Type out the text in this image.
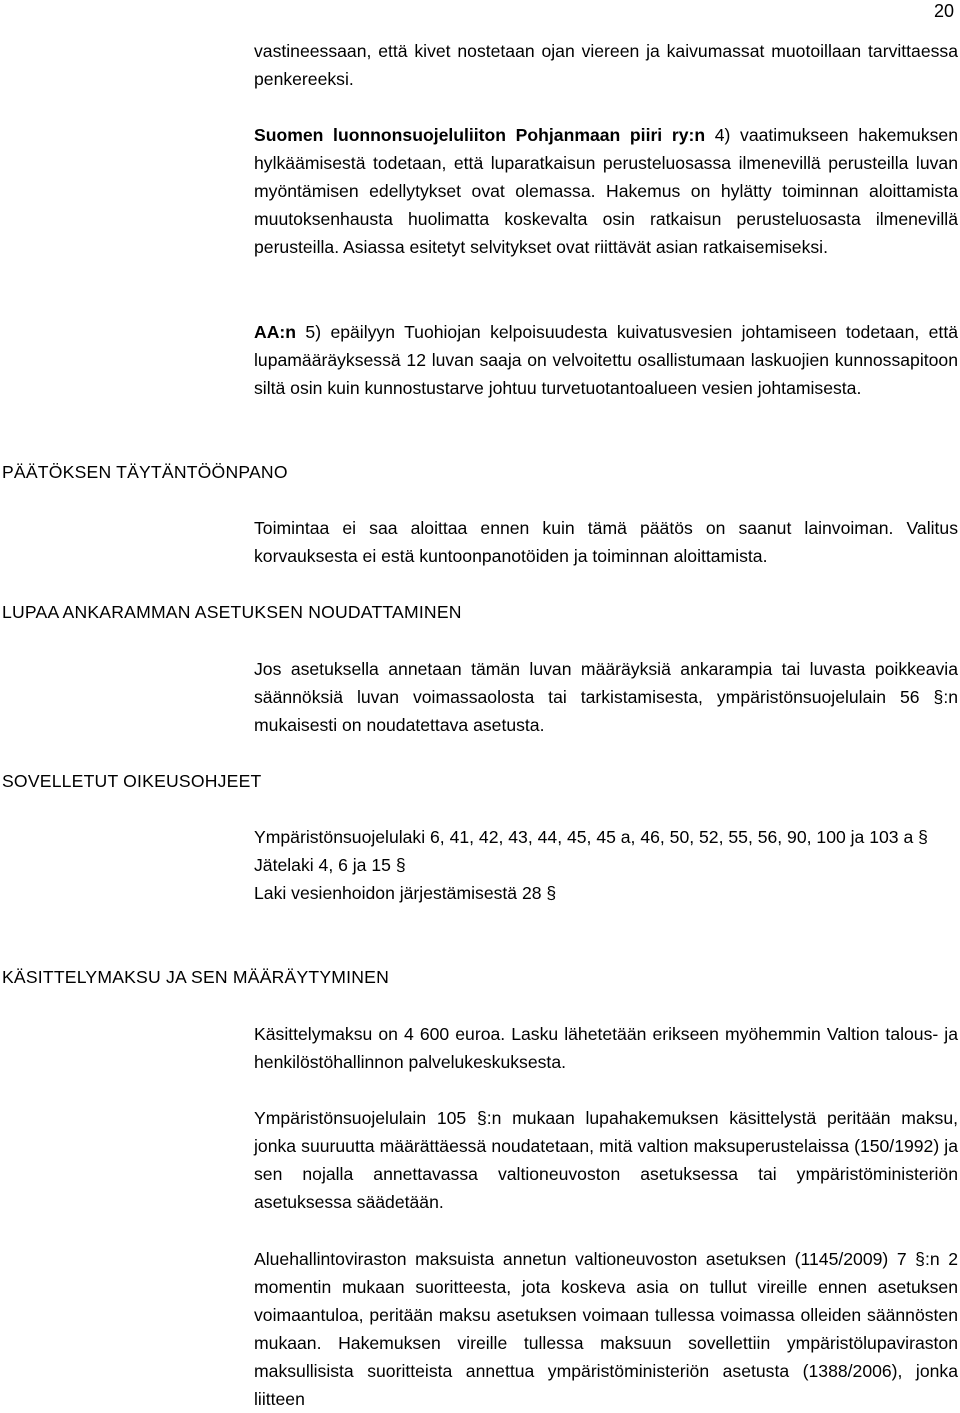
20

vastineessaan, että kivet nostetaan ojan viereen ja kaivumassat muotoillaan tarvittaessa penkereeksi.

Suomen luonnonsuojeluliiton Pohjanmaan piiri ry:n 4) vaatimukseen hakemuksen hylkäämisestä todetaan, että luparatkaisun perusteluosassa ilmenevillä perusteilla luvan myöntämisen edellytykset ovat olemassa. Hakemus on hylätty toiminnan aloittamista muutoksenhausta huolimatta koskevalta osin ratkaisun perusteluosasta ilmenevillä perusteilla. Asiassa esitetyt selvitykset ovat riittävät asian ratkaisemiseksi.

AA:n 5) epäilyyn Tuohiojan kelpoisuudesta kuivatusvesien johtamiseen todetaan, että lupamääräyksessä 12 luvan saaja on velvoitettu osallistumaan laskuojien kunnossapitoon siltä osin kuin kunnostustarve johtuu turvetuotantoalueen vesien johtamisesta.

PÄÄTÖKSEN TÄYTÄNTÖÖNPANO

Toimintaa ei saa aloittaa ennen kuin tämä päätös on saanut lainvoiman. Valitus korvauksesta ei estä kuntoonpanotöiden ja toiminnan aloittamista.

LUPAA ANKARAMMAN ASETUKSEN NOUDATTAMINEN

Jos asetuksella annetaan tämän luvan määräyksiä ankarampia tai luvasta poikkeavia säännöksiä luvan voimassaolosta tai tarkistamisesta, ympäristönsuojelulain 56 §:n mukaisesti on noudatettava asetusta.

SOVELLETUT OIKEUSOHJEET
Ympäristönsuojelulaki 6, 41, 42, 43, 44, 45, 45 a, 46, 50, 52, 55, 56, 90, 100 ja 103 a §
Jätelaki 4, 6 ja 15 §
Laki vesienhoidon järjestämisestä 28 §
KÄSITTELYMAKSU JA SEN MÄÄRÄYTYMINEN

Käsittelymaksu on 4 600 euroa. Lasku lähetetään erikseen myöhemmin Valtion talous- ja henkilöstöhallinnon palvelukeskuksesta.

Ympäristönsuojelulain 105 §:n mukaan lupahakemuksen käsittelystä peritään maksu, jonka suuruutta määrättäessä noudatetaan, mitä valtion maksuperustelaissa (150/1992) ja sen nojalla annettavassa valtioneuvoston asetuksessa tai ympäristöministeriön asetuksessa säädetään.

Aluehallintoviraston maksuista annetun valtioneuvoston asetuksen (1145/2009) 7 §:n 2 momentin mukaan suoritteesta, jota koskeva asia on tullut vireille ennen asetuksen voimaantuloa, peritään maksu asetuksen voimaan tullessa voimassa olleiden säännösten mukaan. Hakemuksen vireille tullessa maksuun sovellettiin ympäristölupaviraston maksullisista suoritteista annettua ympäristöministeriön asetusta (1388/2006), jonka liitteen
